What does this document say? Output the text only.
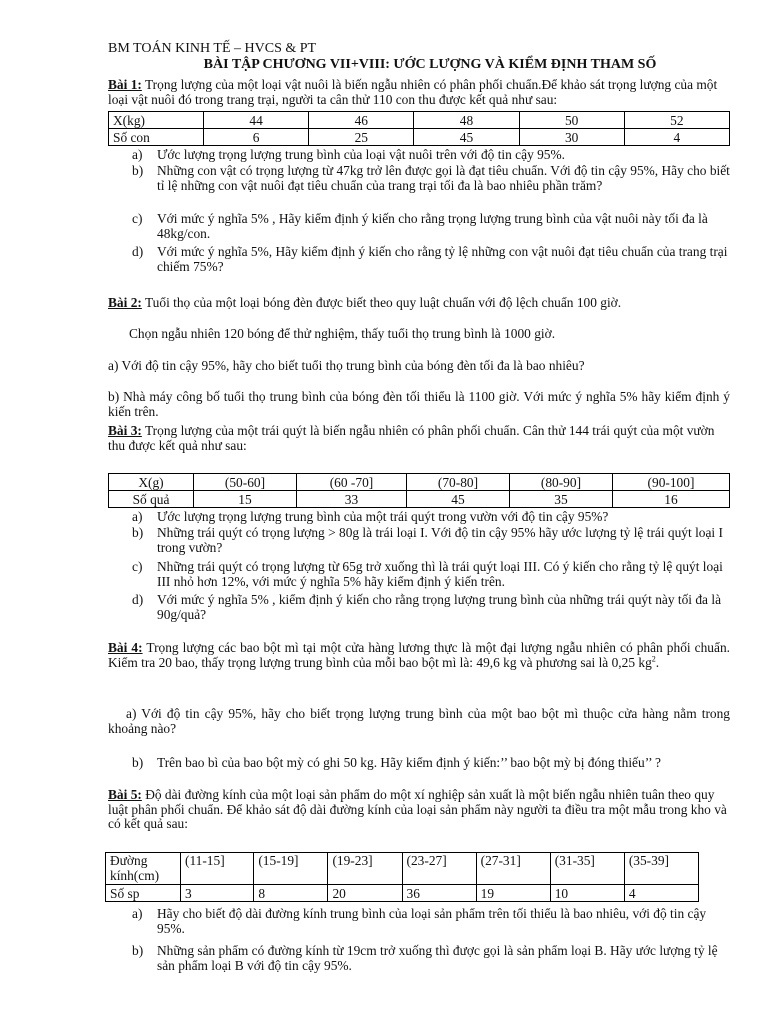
BM TOÁN KINH TẾ – HVCS & PT
BÀI TẬP CHƯƠNG VII+VIII: ƯỚC LƯỢNG VÀ KIỂM ĐỊNH THAM SỐ
Bài 1: Trọng lượng của một loại vật nuôi là biến ngẫu nhiên có phân phối chuẩn.Để khảo sát trọng lượng của một loại vật nuôi đó trong trang trại, người ta cân thử 110 con thu được kết quả như sau:
X(kg)	44	46	48	50	52
Số con	6	25	45	30	4
a) Ước lượng trọng lượng trung bình của loại vật nuôi trên với độ tin cậy 95%.
b) Những con vật có trọng lượng từ 47kg trở lên được gọi là đạt tiêu chuẩn. Với độ tin cậy 95%, Hãy cho biết tỉ lệ những con vật nuôi đạt tiêu chuẩn của trang trại tối đa là bao nhiêu phần trăm?
c) Với mức ý nghĩa 5% , Hãy kiểm định ý kiến cho rằng trọng lượng trung bình của vật nuôi này tối đa là 48kg/con.
d) Với mức ý nghĩa 5%, Hãy kiểm định ý kiến cho rằng tỷ lệ những con vật nuôi đạt tiêu chuẩn của trang trại chiếm 75%?
Bài 2: Tuổi thọ của một loại bóng đèn được biết theo quy luật chuẩn với độ lệch chuẩn 100 giờ.
Chọn ngẫu nhiên 120 bóng để thử nghiệm, thấy tuổi thọ trung bình là 1000 giờ.
a) Với độ tin cậy 95%, hãy cho biết tuổi thọ trung bình của bóng đèn tối đa là bao nhiêu?
b) Nhà máy công bố tuổi thọ trung bình của bóng đèn tối thiểu là 1100 giờ. Với mức ý nghĩa 5% hãy kiểm định ý kiến trên.
Bài 3: Trọng lượng của một trái quýt là biến ngẫu nhiên có phân phối chuẩn. Cân thử 144 trái quýt của một vườn thu được kết quả như sau:
X(g)	(50-60]	(60 -70]	(70-80]	(80-90]	(90-100]
Số quả	15	33	45	35	16
a) Ước lượng trọng lượng trung bình của một trái quýt trong vườn với độ tin cậy 95%?
b) Những trái quýt có trọng lượng > 80g là trái loại I. Với độ tin cậy 95% hãy ước lượng tỷ lệ trái quýt loại I trong vườn?
c) Những trái quýt có trọng lượng từ 65g trở xuống thì là trái quýt loại III. Có ý kiến cho rằng tỷ lệ quýt loại III nhỏ hơn 12%, với mức ý nghĩa 5% hãy kiểm định ý kiến trên.
d) Với mức ý nghĩa 5% , kiểm định ý kiến cho rằng trọng lượng trung bình của những trái quýt này tối đa là 90g/quả?
Bài 4: Trọng lượng các bao bột mì tại một cửa hàng lương thực là một đại lượng ngẫu nhiên có phân phối chuẩn. Kiểm tra 20 bao, thấy trọng lượng trung bình của mỗi bao bột mì là: 49,6 kg và phương sai là 0,25 $kg^2$.
a) Với độ tin cậy 95%, hãy cho biết trọng lượng trung bình của một bao bột mì thuộc cửa hàng nằm trong khoảng nào?
b) Trên bao bì của bao bột mỳ có ghi 50 kg. Hãy kiểm định ý kiến:’’ bao bột mỳ bị đóng thiếu’’ ?
Bài 5: Độ dài đường kính của một loại sản phẩm do một xí nghiệp sản xuất là một biến ngẫu nhiên tuân theo quy luật phân phối chuẩn. Để khảo sát độ dài đường kính của loại sản phẩm này người ta điều tra một mẫu trong kho và có kết quả sau:
Đường kính(cm)	(11-15]	(15-19]	(19-23]	(23-27]	(27-31]	(31-35]	(35-39]
Số sp	3	8	20	36	19	10	4
a) Hãy cho biết độ dài đường kính trung bình của loại sản phẩm trên tối thiểu là bao nhiêu, với độ tin cậy 95%.
b) Những sản phẩm có đường kính từ 19cm trở xuống thì được gọi là sản phẩm loại B. Hãy ước lượng tỷ lệ sản phẩm loại B với độ tin cậy 95%.
